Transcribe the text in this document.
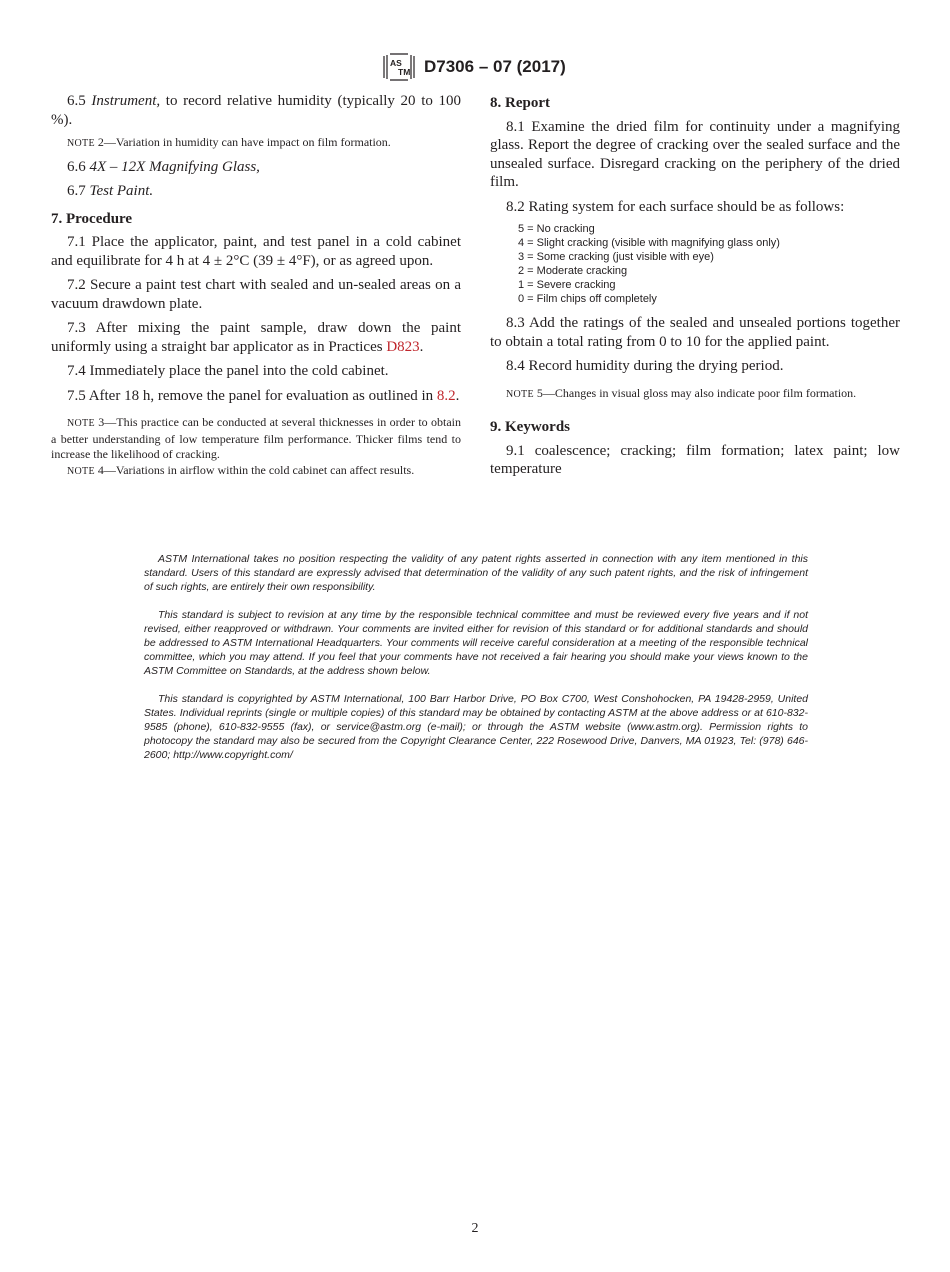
AS
TM D7306 – 07 (2017)

6.5 Instrument, to record relative humidity (typically 20 to 100 %).

NOTE 2—Variation in humidity can have impact on film formation.

6.6 4X – 12X Magnifying Glass,

6.7 Test Paint.

7. Procedure

7.1 Place the applicator, paint, and test panel in a cold cabinet and equilibrate for 4 h at 4 ± 2°C (39 ± 4°F), or as agreed upon.

7.2 Secure a paint test chart with sealed and un-sealed areas on a vacuum drawdown plate.

7.3 After mixing the paint sample, draw down the paint uniformly using a straight bar applicator as in Practices D823.

7.4 Immediately place the panel into the cold cabinet.

7.5 After 18 h, remove the panel for evaluation as outlined in 8.2.

NOTE 3—This practice can be conducted at several thicknesses in order to obtain a better understanding of low temperature film performance. Thicker films tend to increase the likelihood of cracking.

NOTE 4—Variations in airflow within the cold cabinet can affect results.

8. Report

8.1 Examine the dried film for continuity under a magnifying glass. Report the degree of cracking over the sealed surface and the unsealed surface. Disregard cracking on the periphery of the dried film.

8.2 Rating system for each surface should be as follows:

5 = No cracking
4 = Slight cracking (visible with magnifying glass only)
3 = Some cracking (just visible with eye)
2 = Moderate cracking
1 = Severe cracking
0 = Film chips off completely

8.3 Add the ratings of the sealed and unsealed portions together to obtain a total rating from 0 to 10 for the applied paint.

8.4 Record humidity during the drying period.

NOTE 5—Changes in visual gloss may also indicate poor film formation.

9. Keywords

9.1 coalescence; cracking; film formation; latex paint; low temperature

ASTM International takes no position respecting the validity of any patent rights asserted in connection with any item mentioned in this standard. Users of this standard are expressly advised that determination of the validity of any such patent rights, and the risk of infringement of such rights, are entirely their own responsibility.

This standard is subject to revision at any time by the responsible technical committee and must be reviewed every five years and if not revised, either reapproved or withdrawn. Your comments are invited either for revision of this standard or for additional standards and should be addressed to ASTM International Headquarters. Your comments will receive careful consideration at a meeting of the responsible technical committee, which you may attend. If you feel that your comments have not received a fair hearing you should make your views known to the ASTM Committee on Standards, at the address shown below.

This standard is copyrighted by ASTM International, 100 Barr Harbor Drive, PO Box C700, West Conshohocken, PA 19428-2959, United States. Individual reprints (single or multiple copies) of this standard may be obtained by contacting ASTM at the above address or at 610-832-9585 (phone), 610-832-9555 (fax), or service@astm.org (e-mail); or through the ASTM website (www.astm.org). Permission rights to photocopy the standard may also be secured from the Copyright Clearance Center, 222 Rosewood Drive, Danvers, MA 01923, Tel: (978) 646-2600; http://www.copyright.com/

2
